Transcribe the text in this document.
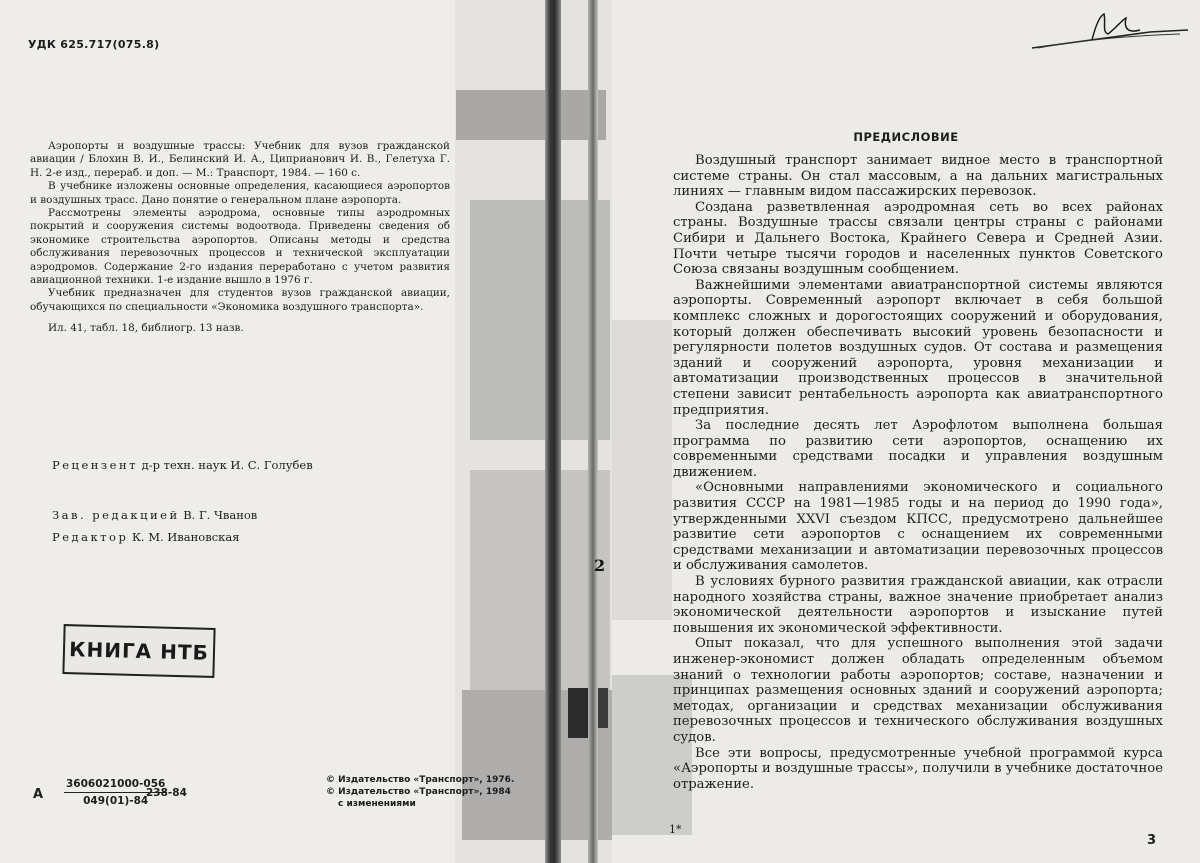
2
УДК 625.717(075.8)

Аэропорты и воздушные трассы: Учебник для вузов гражданской авиации / Блохин В. И., Белинский И. А., Циприанович И. В., Гелетуха Г. Н. 2-е изд., перераб. и доп. — М.: Транспорт, 1984. — 160 с.

В учебнике изложены основные определения, касающиеся аэропортов и воздушных трасс. Дано понятие о генеральном плане аэропорта.

Рассмотрены элементы аэродрома, основные типы аэродромных покрытий и сооружения системы водоотвода. Приведены сведения об экономике строительства аэропортов. Описаны методы и средства обслуживания перевозочных процессов и технической эксплуатации аэродромов. Содержание 2-го издания переработано с учетом развития авиационной техники. 1-е издание вышло в 1976 г.

Учебник предназначен для студентов вузов гражданской авиации, обучающихся по специальности «Экономика воздушного транспорта».

Ил. 41, табл. 18, библиогр. 13 назв.

Рецензент д-р техн. наук И. С. Голубев
Зав. редакцией В. Г. Чванов
Редактор К. М. Ивановская
КНИГА НТБ
А $\frac{3606021000-056}{049(01)-84}$
238-84
© Издательство «Транспорт», 1976.
© Издательство «Транспорт», 1984
с изменениями
ПРЕДИСЛОВИЕ

Воздушный транспорт занимает видное место в транспортной системе страны. Он стал массовым, а на дальних магистральных линиях — главным видом пассажирских перевозок.

Создана разветвленная аэродромная сеть во всех районах страны. Воздушные трассы связали центры страны с районами Сибири и Дальнего Востока, Крайнего Севера и Средней Азии. Почти четыре тысячи городов и населенных пунктов Советского Союза связаны воздушным сообщением.

Важнейшими элементами авиатранспортной системы являются аэропорты. Современный аэропорт включает в себя большой комплекс сложных и дорогостоящих сооружений и оборудования, который должен обеспечивать высокий уровень безопасности и регулярности полетов воздушных судов. От состава и размещения зданий и сооружений аэропорта, уровня механизации и автоматизации производственных процессов в значительной степени зависит рентабельность аэропорта как авиатранспортного предприятия.

За последние десять лет Аэрофлотом выполнена большая программа по развитию сети аэропортов, оснащению их современными средствами посадки и управления воздушным движением.

«Основными направлениями экономического и социального развития СССР на 1981—1985 годы и на период до 1990 года», утвержденными XXVI съездом КПСС, предусмотрено дальнейшее развитие сети аэропортов с оснащением их современными средствами механизации и автоматизации перевозочных процессов и обслуживания самолетов.

В условиях бурного развития гражданской авиации, как отрасли народного хозяйства страны, важное значение приобретает анализ экономической деятельности аэропортов и изыскание путей повышения их экономической эффективности.

Опыт показал, что для успешного выполнения этой задачи инженер-экономист должен обладать определенным объемом знаний о технологии работы аэропортов; составе, назначении и принципах размещения основных зданий и сооружений аэропорта; методах, организации и средствах механизации обслуживания перевозочных процессов и технического обслуживания воздушных судов.

Все эти вопросы, предусмотренные учебной программой курса «Аэропорты и воздушные трассы», получили в учебнике достаточное отражение.

1*
3
